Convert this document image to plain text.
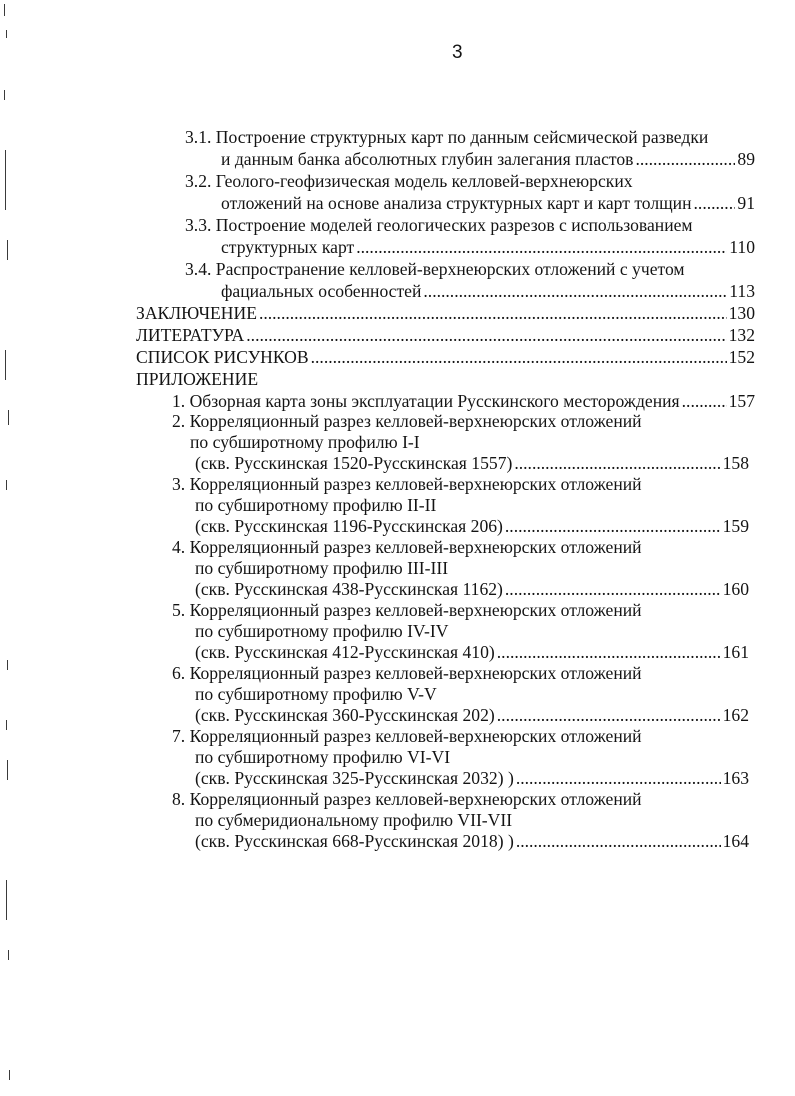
3
3.1. Построение структурных карт по данным сейсмической разведки
и данным банка абсолютных глубин залегания пластов .....	89
3.2. Геолого-геофизическая модель келловей-верхнеюрских
отложений на основе анализа структурных карт и карт толщин .....	91
3.3. Построение моделей геологических разрезов с использованием
структурных карт .....	110
3.4. Распространение келловей-верхнеюрских отложений с учетом
фациальных особенностей .....	113
ЗАКЛЮЧЕНИЕ .....	130
ЛИТЕРАТУРА .....	132
СПИСОК РИСУНКОВ .....	152
ПРИЛОЖЕНИЕ
1. Обзорная карта зоны эксплуатации Русскинского месторождения .....	157
2. Корреляционный разрез келловей-верхнеюрских отложений
по субширотному профилю I-I
(скв. Русскинская 1520-Русскинская 1557) .....	158
3. Корреляционный разрез келловей-верхнеюрских отложений
по субширотному профилю II-II
(скв. Русскинская 1196-Русскинская 206) .....	159
4. Корреляционный разрез келловей-верхнеюрских отложений
по субширотному профилю III-III
(скв. Русскинская 438-Русскинская 1162) .....	160
5. Корреляционный разрез келловей-верхнеюрских отложений
по субширотному профилю IV-IV
(скв. Русскинская 412-Русскинская 410) .....	161
6. Корреляционный разрез келловей-верхнеюрских отложений
по субширотному профилю V-V
(скв. Русскинская 360-Русскинская 202) .....	162
7. Корреляционный разрез келловей-верхнеюрских отложений
по субширотному профилю VI-VI
(скв. Русскинская 325-Русскинская 2032) ) .....	163
8. Корреляционный разрез келловей-верхнеюрских отложений
по субмеридиональному профилю VII-VII
(скв. Русскинская 668-Русскинская 2018) ) .....	164
